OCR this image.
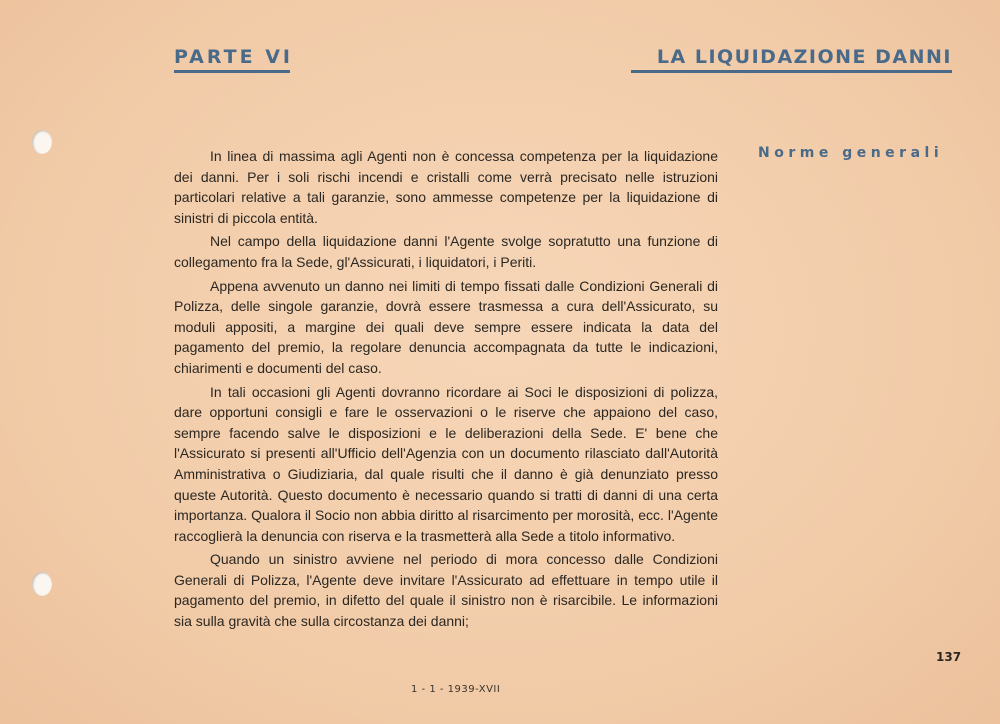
PARTE VI	LA LIQUIDAZIONE DANNI
Norme generali

In linea di massima agli Agenti non è concessa competenza per la liquidazione dei danni. Per i soli rischi incendi e cristalli come verrà precisato nelle istruzioni particolari relative a tali garanzie, sono ammesse competenze per la liquidazione di sinistri di piccola entità.

Nel campo della liquidazione danni l'Agente svolge sopratutto una funzione di collegamento fra la Sede, gl'Assicurati, i liquidatori, i Periti.

Appena avvenuto un danno nei limiti di tempo fissati dalle Condizioni Generali di Polizza, delle singole garanzie, dovrà essere trasmessa a cura dell'Assicurato, su moduli appositi, a margine dei quali deve sempre essere indicata la data del pagamento del premio, la regolare denuncia accompagnata da tutte le indicazioni, chiarimenti e documenti del caso.

In tali occasioni gli Agenti dovranno ricordare ai Soci le disposizioni di polizza, dare opportuni consigli e fare le osservazioni o le riserve che appaiono del caso, sempre facendo salve le disposizioni e le deliberazioni della Sede. E' bene che l'Assicurato si presenti all'Ufficio dell'Agenzia con un documento rilasciato dall'Autorità Amministrativa o Giudiziaria, dal quale risulti che il danno è già denunziato presso queste Autorità. Questo documento è necessario quando si tratti di danni di una certa importanza. Qualora il Socio non abbia diritto al risarcimento per morosità, ecc. l'Agente raccoglierà la denuncia con riserva e la trasmetterà alla Sede a titolo informativo.

Quando un sinistro avviene nel periodo di mora concesso dalle Condizioni Generali di Polizza, l'Agente deve invitare l'Assicurato ad effettuare in tempo utile il pagamento del premio, in difetto del quale il sinistro non è risarcibile. Le informazioni sia sulla gravità che sulla circostanza dei danni;

137
1 - 1 - 1939-XVII
